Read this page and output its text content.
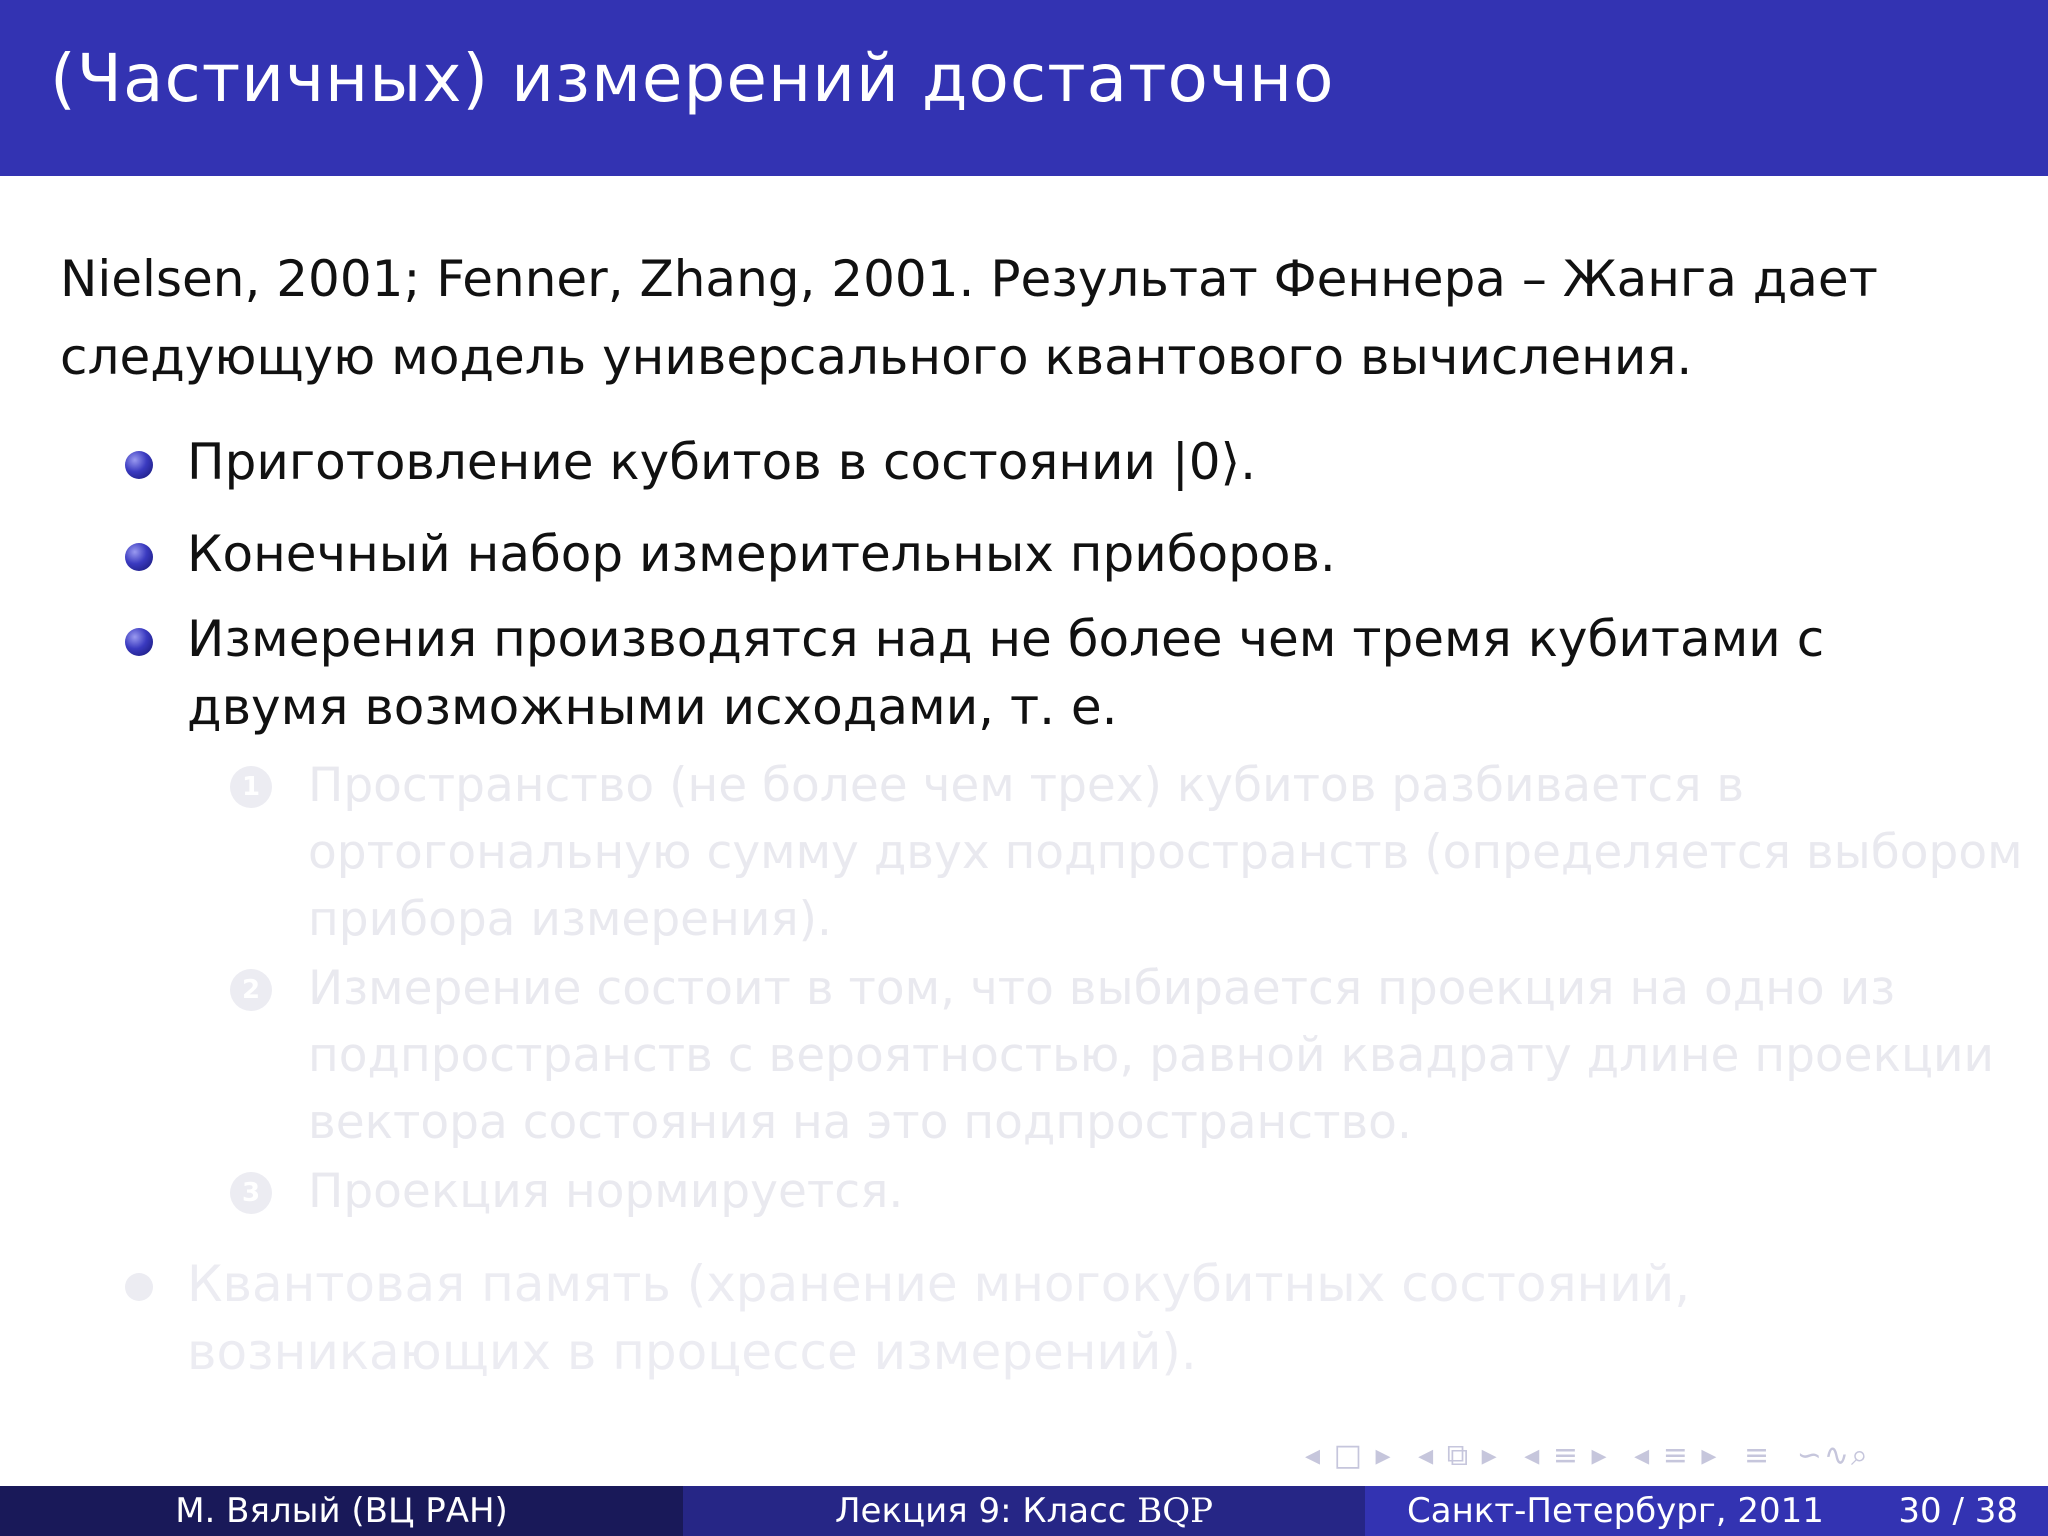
(Частичных) измерений достаточно
Nielsen, 2001; Fenner, Zhang, 2001. Результат Феннера – Жанга дает
следующую модель универсального квантового вычисления.
Приготовление кубитов в состоянии |0⟩.
Конечный набор измерительных приборов.
Измерения производятся над не более чем тремя кубитами с
двумя возможными исходами, т. е.
1 Пространство (не более чем трех) кубитов разбивается в
ортогональную сумму двух подпространств (определяется выбором
прибора измерения).
2 Измерение состоит в том, что выбирается проекция на одно из
подпространств с вероятностью, равной квадрату длине проекции
вектора состояния на это подпространство.
3 Проекция нормируется.
Квантовая память (хранение многокубитных состояний,
возникающих в процессе измерений).
◂ □ ▸ ◂ ⧉ ▸ ◂ ≡ ▸ ◂ ≡ ▸ ≡ ∽∿⌕
М. Вялый (ВЦ РАН)	Лекция 9: Класс BQP	Санкт-Петербург, 2011 30 / 38
